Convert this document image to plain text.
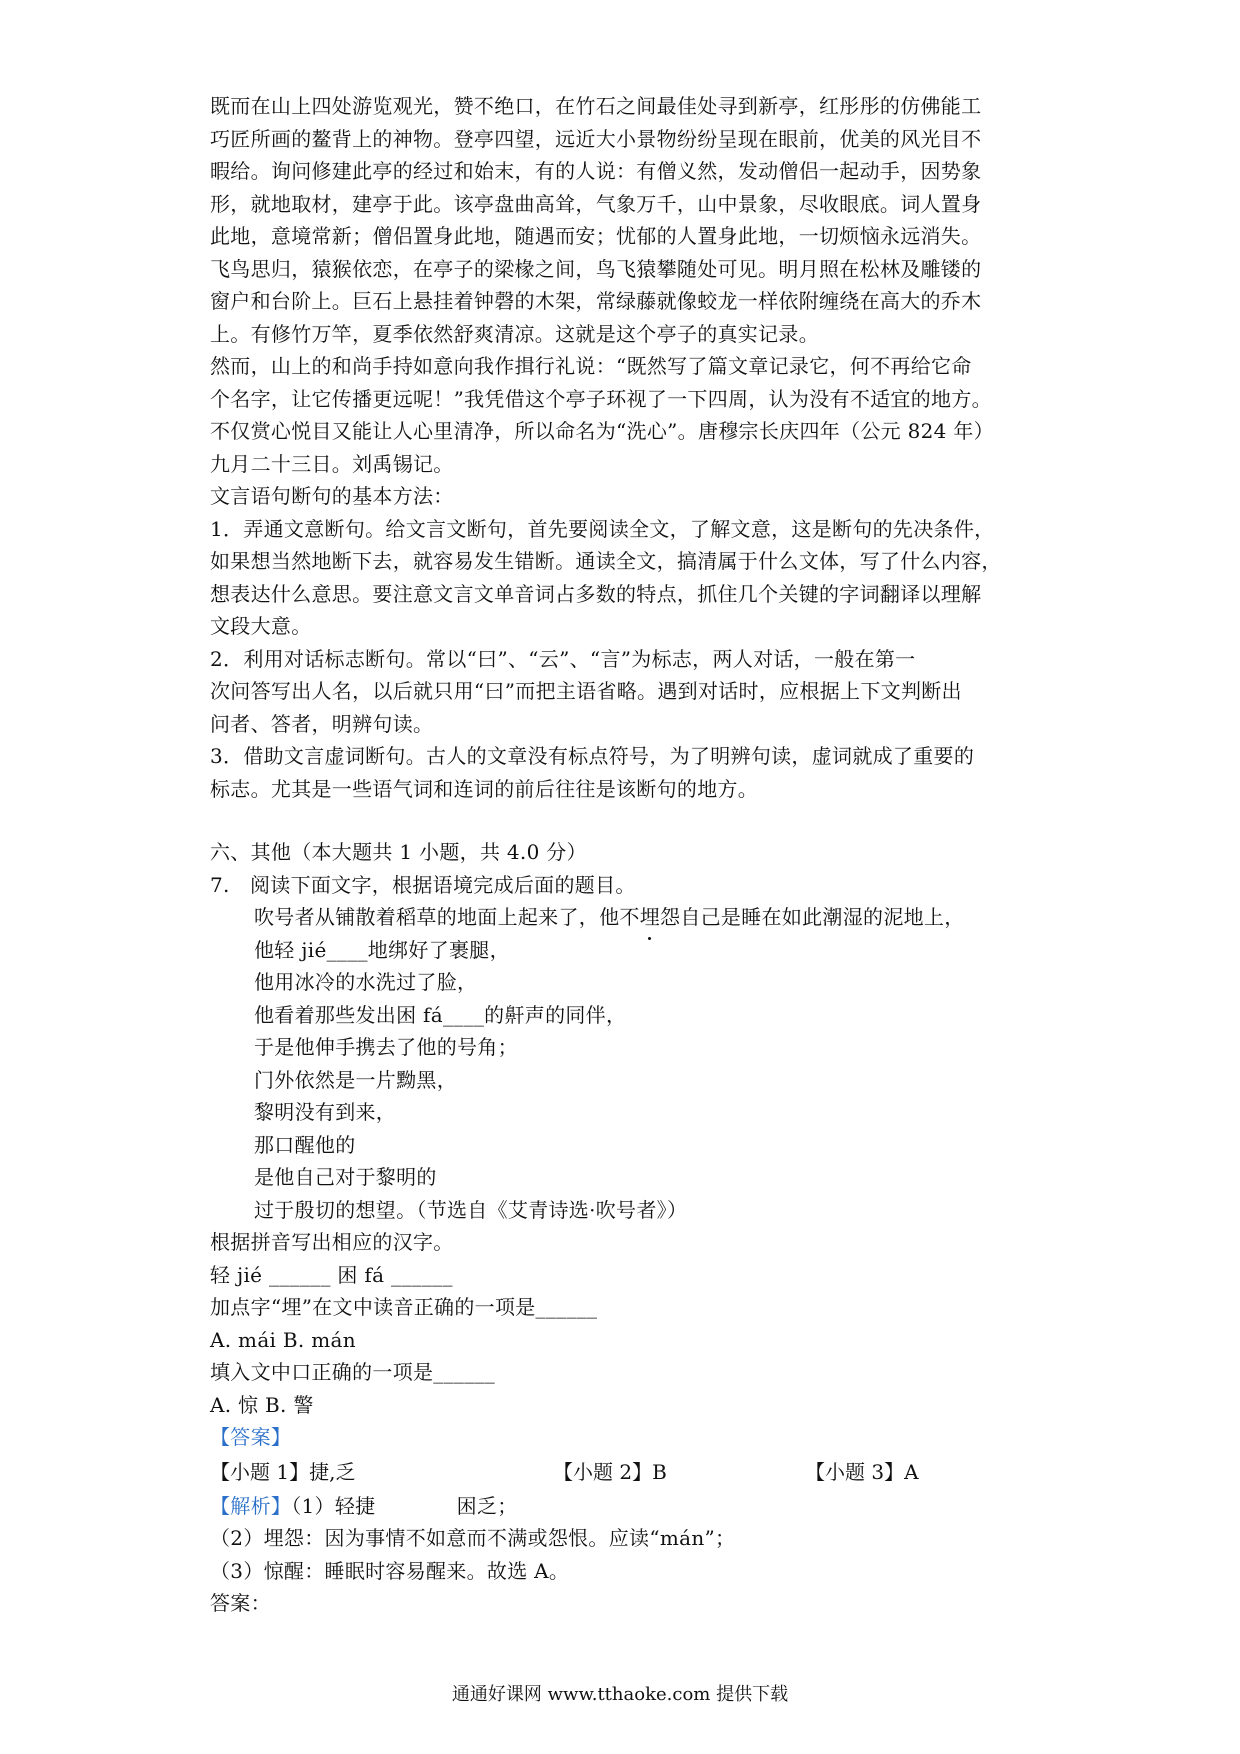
既而在山上四处游览观光，赞不绝口，在竹石之间最佳处寻到新亭，红彤彤的仿佛能工
巧匠所画的鳌背上的神物。登亭四望，远近大小景物纷纷呈现在眼前，优美的风光目不
暇给。询问修建此亭的经过和始末，有的人说：有僧义然，发动僧侣一起动手，因势象
形，就地取材，建亭于此。该亭盘曲高耸，气象万千，山中景象，尽收眼底。词人置身
此地，意境常新；僧侣置身此地，随遇而安；忧郁的人置身此地，一切烦恼永远消失。
飞鸟思归，猿猴依恋，在亭子的梁椽之间，鸟飞猿攀随处可见。明月照在松林及雕镂的
窗户和台阶上。巨石上悬挂着钟磬的木架，常绿藤就像蛟龙一样依附缠绕在高大的乔木
上。有修竹万竿，夏季依然舒爽清凉。这就是这个亭子的真实记录。
然而，山上的和尚手持如意向我作揖行礼说：“既然写了篇文章记录它，何不再给它命
个名字，让它传播更远呢！”我凭借这个亭子环视了一下四周，认为没有不适宜的地方。
不仅赏心悦目又能让人心里清净，所以命名为“洗心”。唐穆宗长庆四年（公元 824 年）
九月二十三日。刘禹锡记。
文言语句断句的基本方法：
1．弄通文意断句。给文言文断句，首先要阅读全文，了解文意，这是断句的先决条件，
如果想当然地断下去，就容易发生错断。通读全文，搞清属于什么文体，写了什么内容，
想表达什么意思。要注意文言文单音词占多数的特点，抓住几个关键的字词翻译以理解
文段大意。
2．利用对话标志断句。常以“曰”、“云”、“言”为标志，两人对话，一般在第一
次问答写出人名，以后就只用“曰”而把主语省略。遇到对话时，应根据上下文判断出
问者、答者，明辨句读。
3．借助文言虚词断句。古人的文章没有标点符号，为了明辨句读，虚词就成了重要的
标志。尤其是一些语气词和连词的前后往往是该断句的地方。
六、其他（本大题共 1 小题，共 4.0 分）
7.　阅读下面文字，根据语境完成后面的题目。
吹号者从铺散着稻草的地面上起来了，他不埋怨自己是睡在如此潮湿的泥地上，
他轻 jié____地绑好了裹腿，
他用冰冷的水洗过了脸，
他看着那些发出困 fá____的鼾声的同伴，
于是他伸手携去了他的号角；
门外依然是一片黝黑，
黎明没有到来，
那口醒他的
是他自己对于黎明的
过于殷切的想望。（节选自《艾青诗选·吹号者》）
根据拼音写出相应的汉字。
轻 jié ______ 困 fá ______
加点字“埋”在文中读音正确的一项是______
A. mái B. mán
填入文中口正确的一项是______
A. 惊 B. 警
【答案】
【小题 1】捷,乏	【小题 2】B	【小题 3】A
【解析】（1）轻捷　　　　困乏；
（2）埋怨：因为事情不如意而不满或怨恨。应读“mán”；
（3）惊醒：睡眠时容易醒来。故选 A。
答案：
通通好课网 www.tthaoke.com 提供下载
